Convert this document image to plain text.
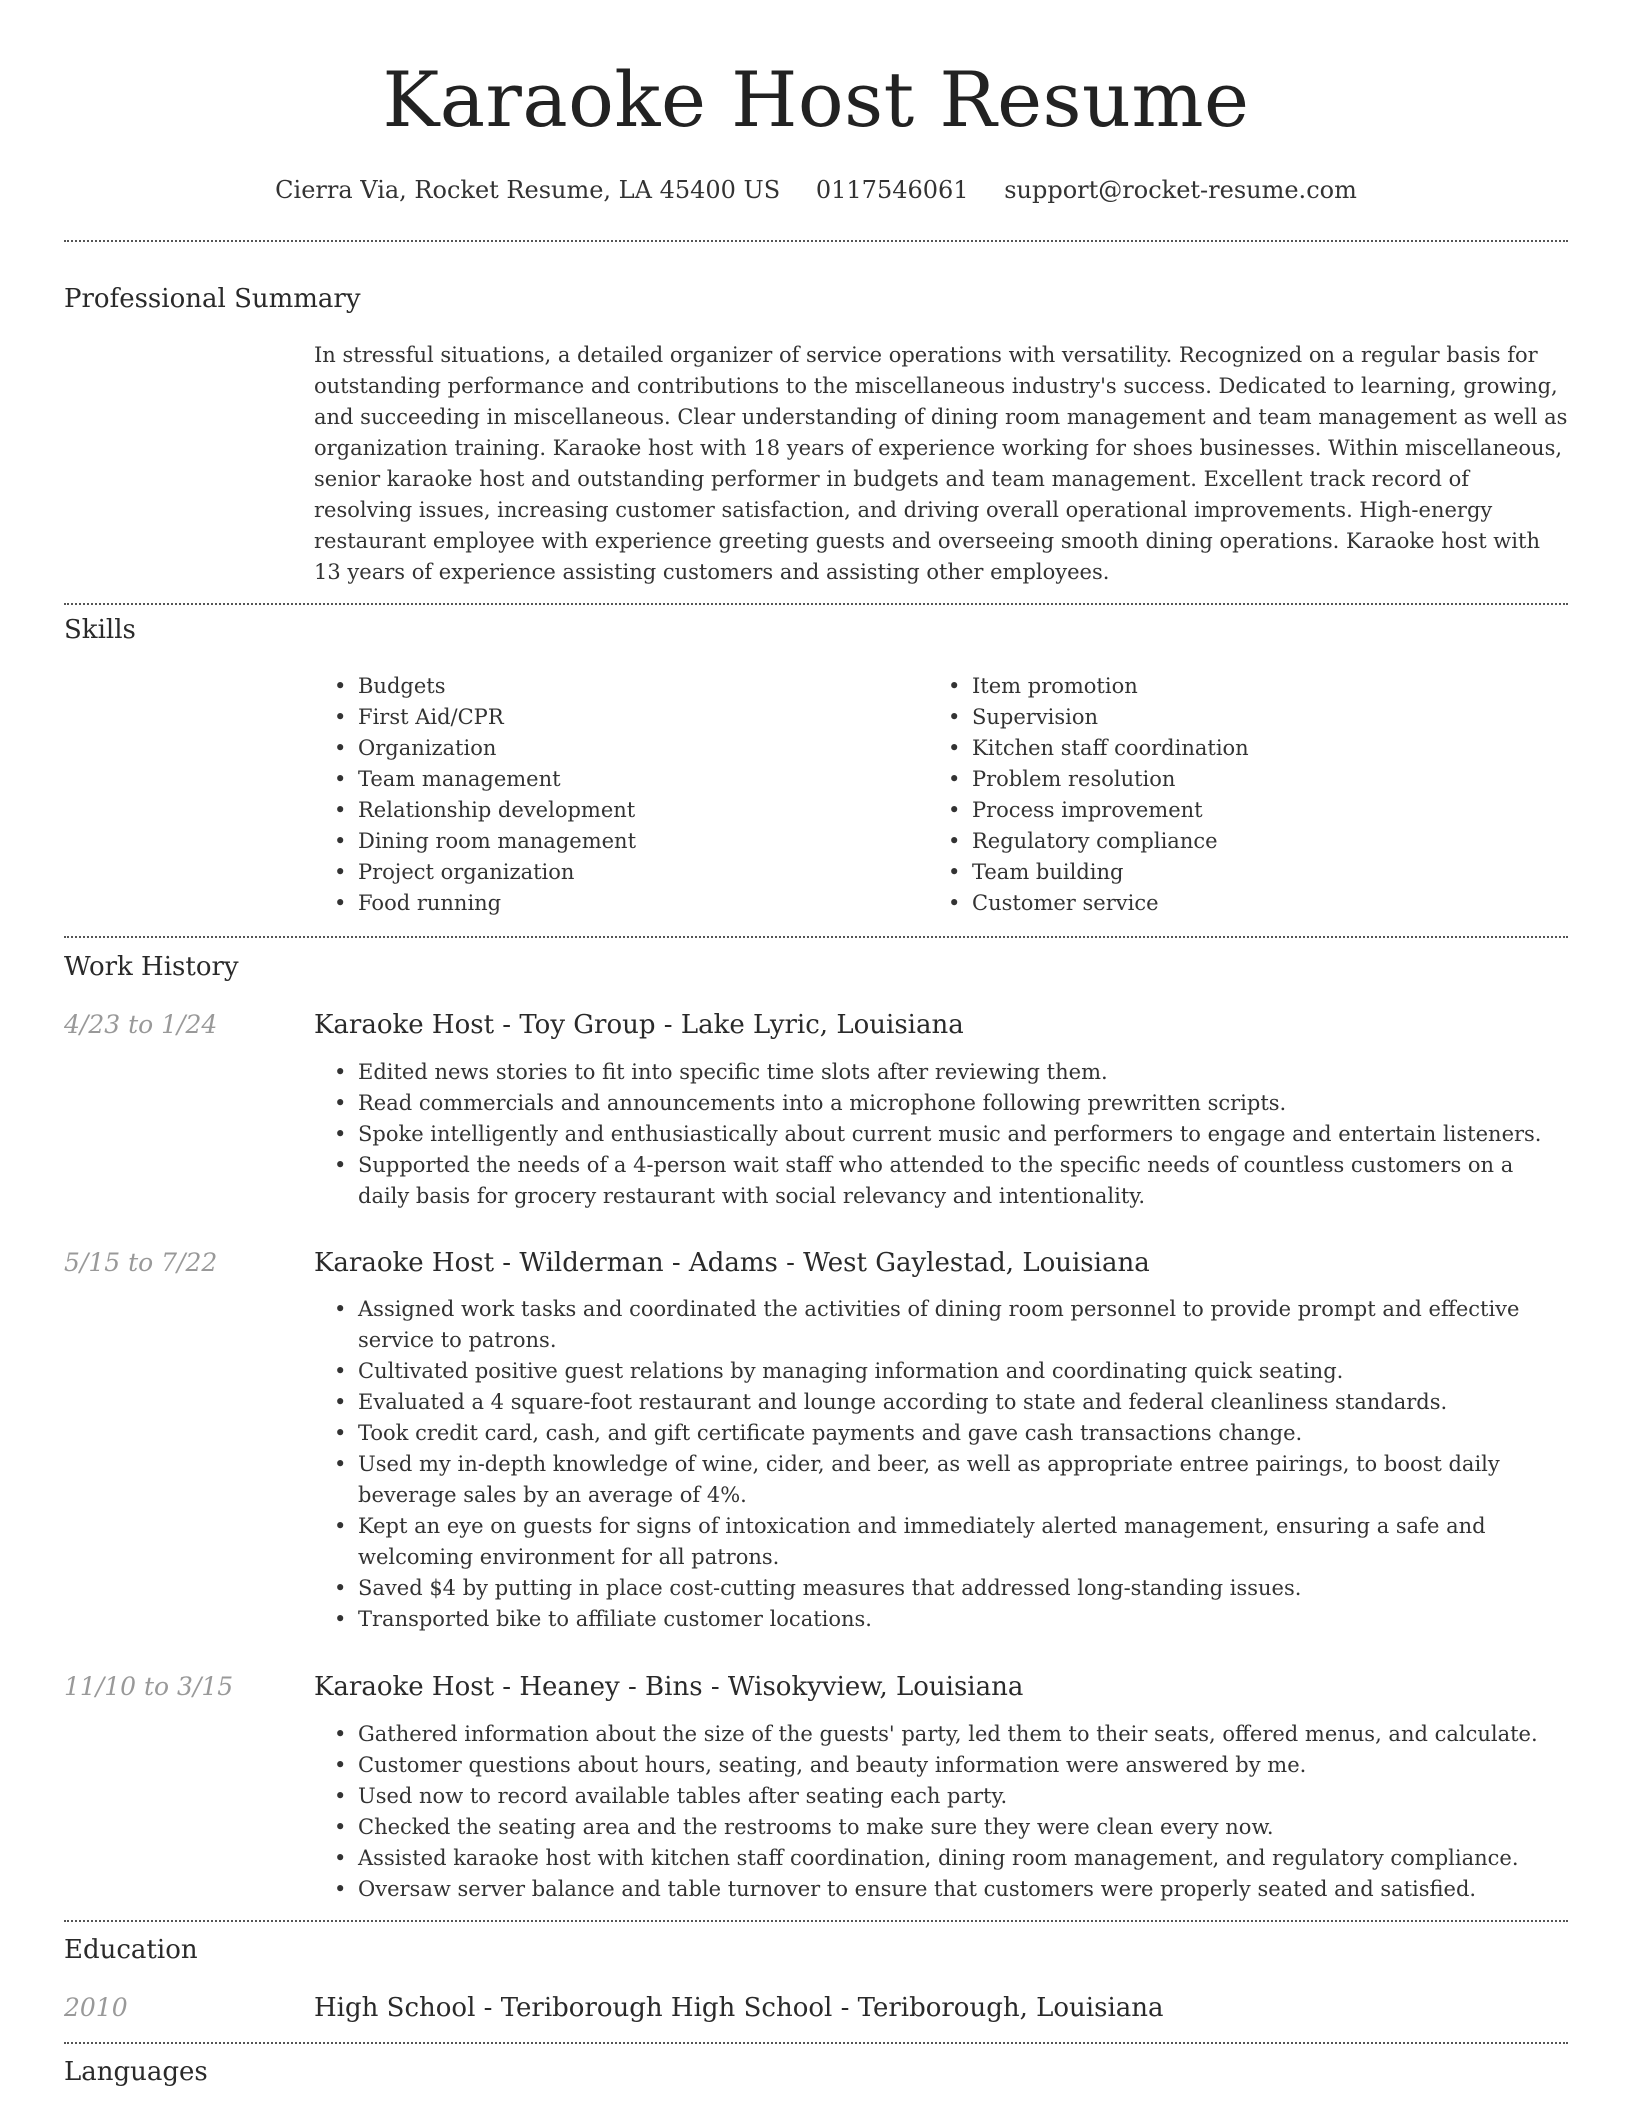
Karaoke Host Resume
Cierra Via, Rocket Resume, LA 45400 US 0117546061 support@rocket-resume.com
Professional Summary
In stressful situations, a detailed organizer of service operations with versatility. Recognized on a regular basis for outstanding performance and contributions to the miscellaneous industry's success. Dedicated to learning, growing, and succeeding in miscellaneous. Clear understanding of dining room management and team management as well as organization training. Karaoke host with 18 years of experience working for shoes businesses. Within miscellaneous, senior karaoke host and outstanding performer in budgets and team management. Excellent track record of resolving issues, increasing customer satisfaction, and driving overall operational improvements. High-energy restaurant employee with experience greeting guests and overseeing smooth dining operations. Karaoke host with 13 years of experience assisting customers and assisting other employees.
Skills
• Budgets
• First Aid/CPR
• Organization
• Team management
• Relationship development
• Dining room management
• Project organization
• Food running
• Item promotion
• Supervision
• Kitchen staff coordination
• Problem resolution
• Process improvement
• Regulatory compliance
• Team building
• Customer service
Work History
4/23 to 1/24	Karaoke Host - Toy Group - Lake Lyric, Louisiana
• Edited news stories to fit into specific time slots after reviewing them.
• Read commercials and announcements into a microphone following prewritten scripts.
• Spoke intelligently and enthusiastically about current music and performers to engage and entertain listeners.
• Supported the needs of a 4-person wait staff who attended to the specific needs of countless customers on a daily basis for grocery restaurant with social relevancy and intentionality.
5/15 to 7/22	Karaoke Host - Wilderman - Adams - West Gaylestad, Louisiana
• Assigned work tasks and coordinated the activities of dining room personnel to provide prompt and effective service to patrons.
• Cultivated positive guest relations by managing information and coordinating quick seating.
• Evaluated a 4 square-foot restaurant and lounge according to state and federal cleanliness standards.
• Took credit card, cash, and gift certificate payments and gave cash transactions change.
• Used my in-depth knowledge of wine, cider, and beer, as well as appropriate entree pairings, to boost daily beverage sales by an average of 4%.
• Kept an eye on guests for signs of intoxication and immediately alerted management, ensuring a safe and welcoming environment for all patrons.
• Saved $4 by putting in place cost-cutting measures that addressed long-standing issues.
• Transported bike to affiliate customer locations.
11/10 to 3/15	Karaoke Host - Heaney - Bins - Wisokyview, Louisiana
• Gathered information about the size of the guests' party, led them to their seats, offered menus, and calculate.
• Customer questions about hours, seating, and beauty information were answered by me.
• Used now to record available tables after seating each party.
• Checked the seating area and the restrooms to make sure they were clean every now.
• Assisted karaoke host with kitchen staff coordination, dining room management, and regulatory compliance.
• Oversaw server balance and table turnover to ensure that customers were properly seated and satisfied.
Education
2010	High School - Teriborough High School - Teriborough, Louisiana
Languages
